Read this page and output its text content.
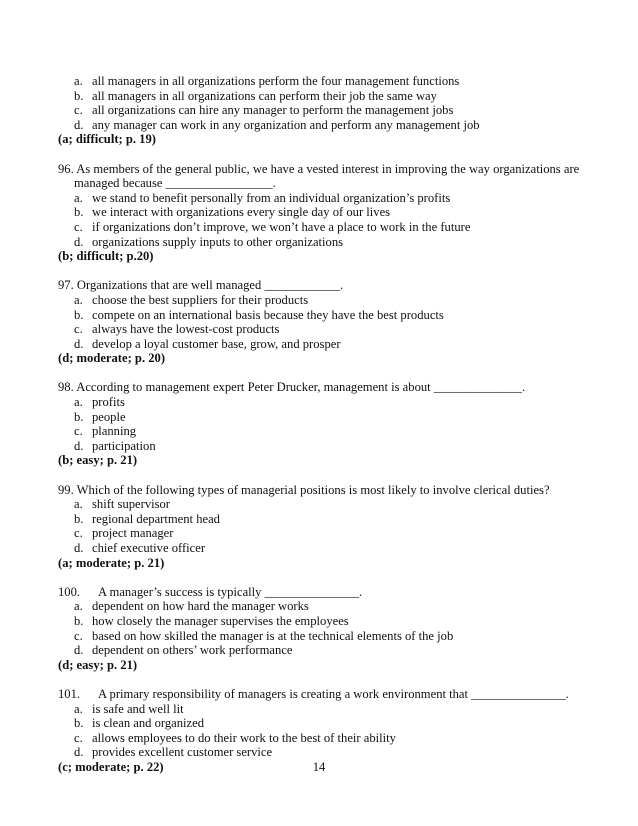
a. all managers in all organizations perform the four management functions
b. all managers in all organizations can perform their job the same way
c. all organizations can hire any manager to perform the management jobs
d. any manager can work in any organization and perform any management job
(a; difficult; p. 19)
96. As members of the general public, we have a vested interest in improving the way organizations are
managed because _________________.
a. we stand to benefit personally from an individual organization’s profits
b. we interact with organizations every single day of our lives
c. if organizations don’t improve, we won’t have a place to work in the future
d. organizations supply inputs to other organizations
(b; difficult; p.20)
97. Organizations that are well managed ____________.
a. choose the best suppliers for their products
b. compete on an international basis because they have the best products
c. always have the lowest-cost products
d. develop a loyal customer base, grow, and prosper
(d; moderate; p. 20)
98. According to management expert Peter Drucker, management is about ______________.
a. profits
b. people
c. planning
d. participation
(b; easy; p. 21)
99. Which of the following types of managerial positions is most likely to involve clerical duties?
a. shift supervisor
b. regional department head
c. project manager
d. chief executive officer
(a; moderate; p. 21)
100. A manager’s success is typically _______________.
a. dependent on how hard the manager works
b. how closely the manager supervises the employees
c. based on how skilled the manager is at the technical elements of the job
d. dependent on others’ work performance
(d; easy; p. 21)
101. A primary responsibility of managers is creating a work environment that _______________.
a. is safe and well lit
b. is clean and organized
c. allows employees to do their work to the best of their ability
d. provides excellent customer service
(c; moderate; p. 22)	14
